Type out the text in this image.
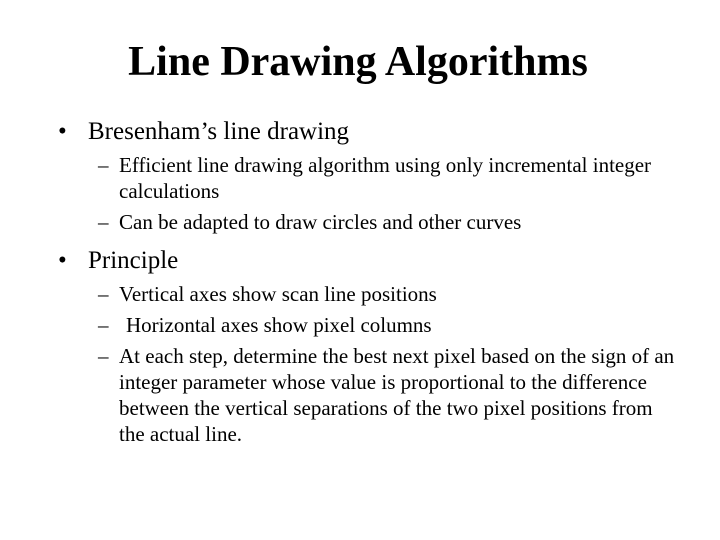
Line Drawing Algorithms
• Bresenham’s line drawing
– Efficient line drawing algorithm using only incremental integer calculations
– Can be adapted to draw circles and other curves
• Principle
– Vertical axes show scan line positions
– Horizontal axes show pixel columns
– At each step, determine the best next pixel based on the sign of an integer parameter whose value is proportional to the difference between the vertical separations of the two pixel positions from the actual line.
